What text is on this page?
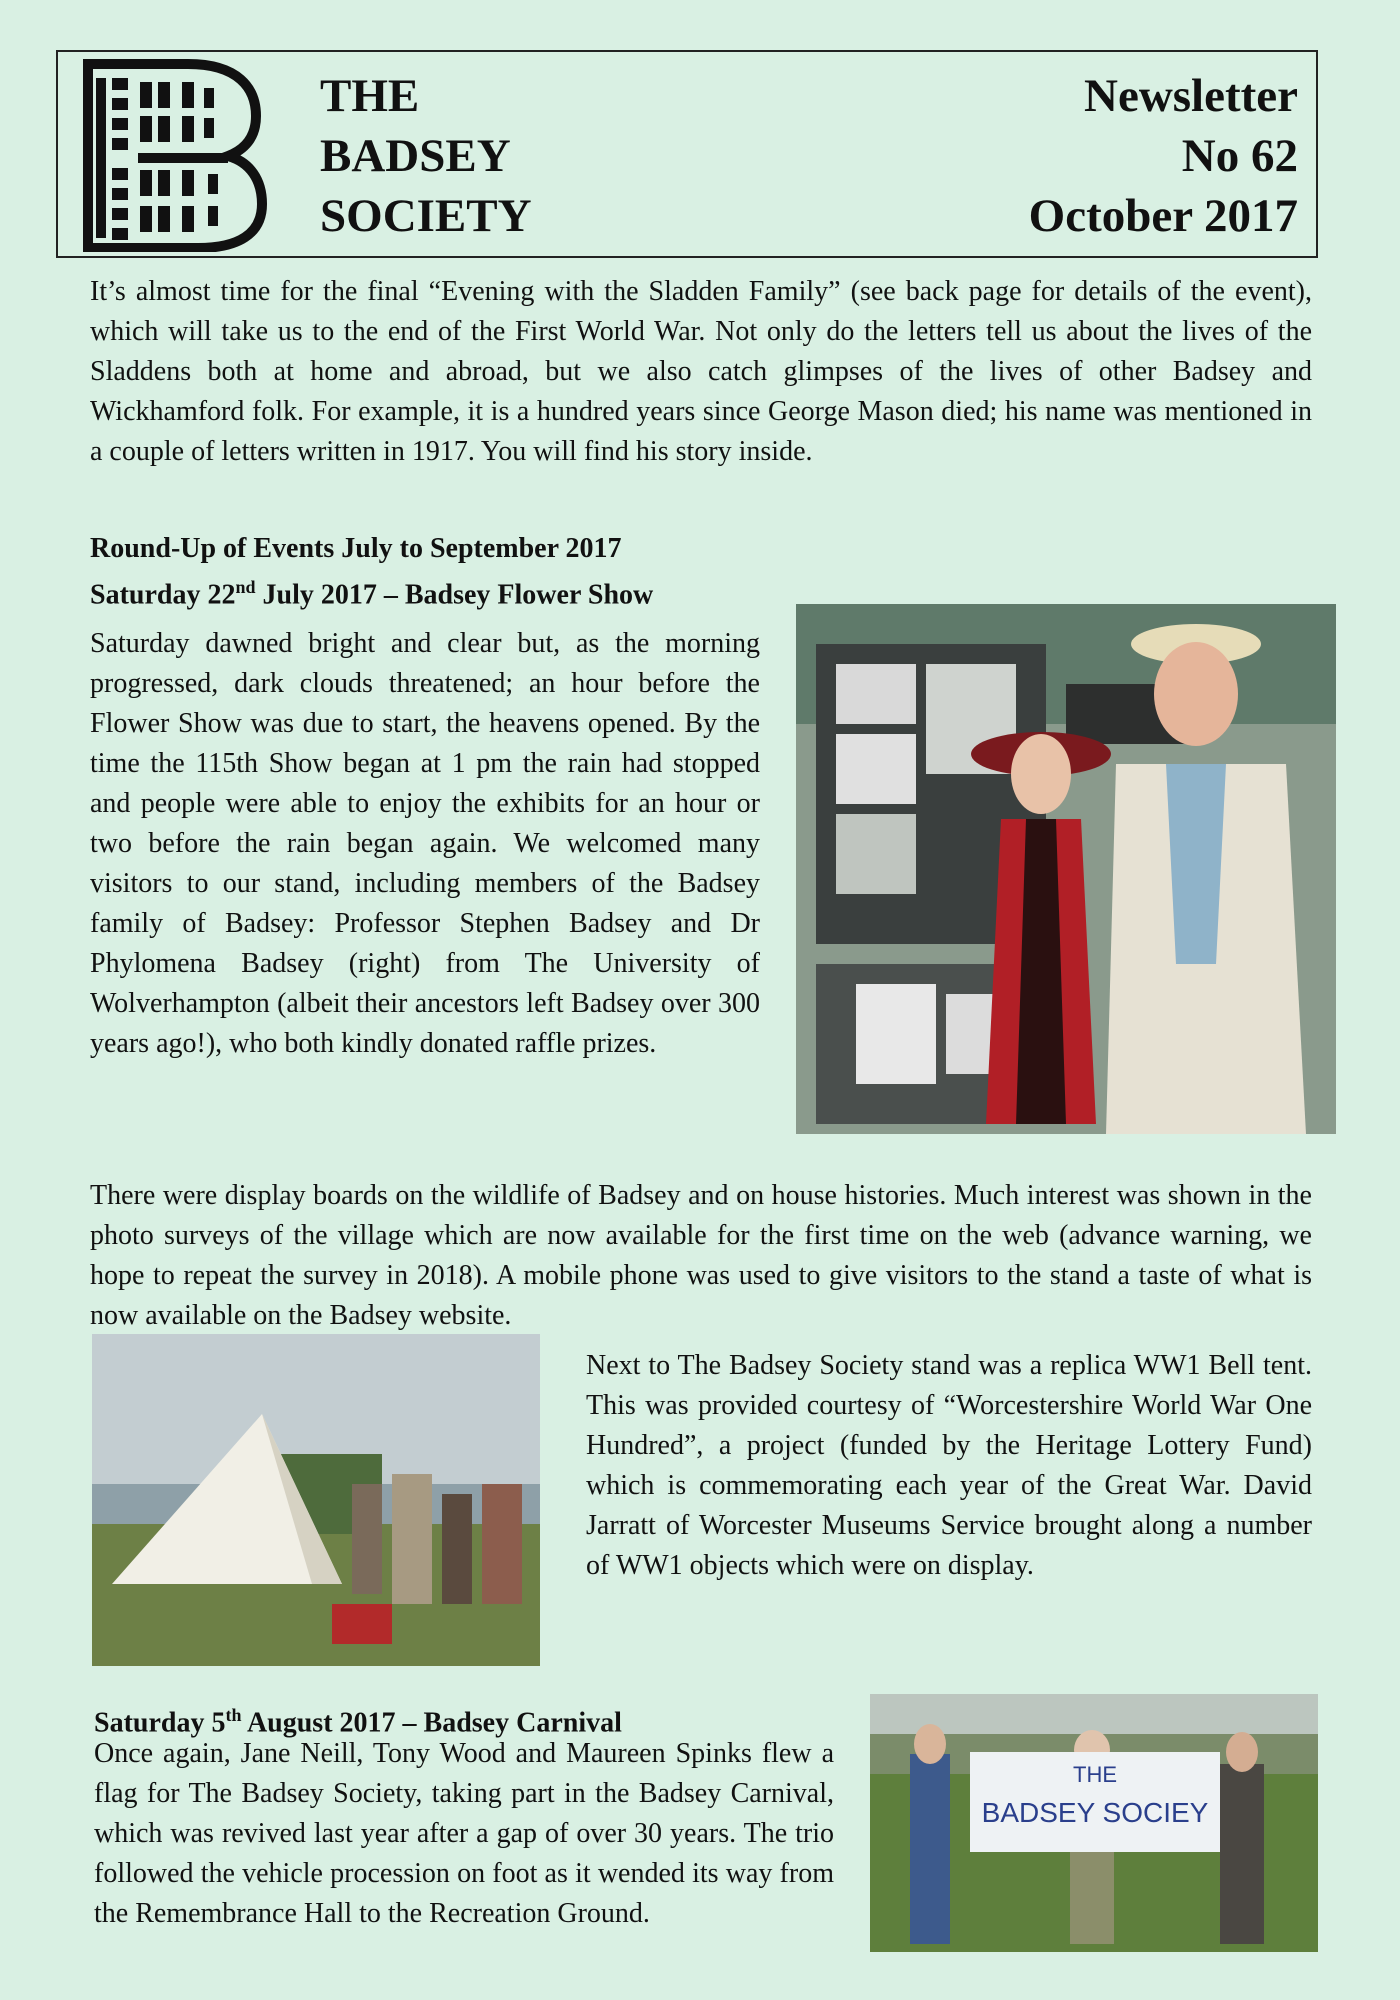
THE
BADSEY
SOCIETY
Newsletter
No 62
October 2017

It’s almost time for the final “Evening with the Sladden Family” (see back page for details of the event), which will take us to the end of the First World War. Not only do the letters tell us about the lives of the Sladdens both at home and abroad, but we also catch glimpses of the lives of other Badsey and Wickhamford folk. For example, it is a hundred years since George Mason died; his name was mentioned in a couple of letters written in 1917. You will find his story inside.

Round-Up of Events July to September 2017
Saturday 22nd July 2017 – Badsey Flower Show

Saturday dawned bright and clear but, as the morning progressed, dark clouds threatened; an hour before the Flower Show was due to start, the heavens opened. By the time the 115th Show began at 1 pm the rain had stopped and people were able to enjoy the exhibits for an hour or two before the rain began again. We welcomed many visitors to our stand, including members of the Badsey family of Badsey: Professor Stephen Badsey and Dr Phylomena Badsey (right) from The University of Wolverhampton (albeit their ancestors left Badsey over 300 years ago!), who both kindly donated raffle prizes.

There were display boards on the wildlife of Badsey and on house histories. Much interest was shown in the photo surveys of the village which are now available for the first time on the web (advance warning, we hope to repeat the survey in 2018). A mobile phone was used to give visitors to the stand a taste of what is now available on the Badsey website.

Next to The Badsey Society stand was a replica WW1 Bell tent. This was provided courtesy of “Worcestershire World War One Hundred”, a project (funded by the Heritage Lottery Fund) which is commemorating each year of the Great War. David Jarratt of Worcester Museums Service brought along a number of WW1 objects which were on display.

Saturday 5th August 2017 – Badsey Carnival

Once again, Jane Neill, Tony Wood and Maureen Spinks flew a flag for The Badsey Society, taking part in the Badsey Carnival, which was revived last year after a gap of over 30 years. The trio followed the vehicle procession on foot as it wended its way from the Remembrance Hall to the Recreation Ground.

THE
BADSEY SOCIEY
